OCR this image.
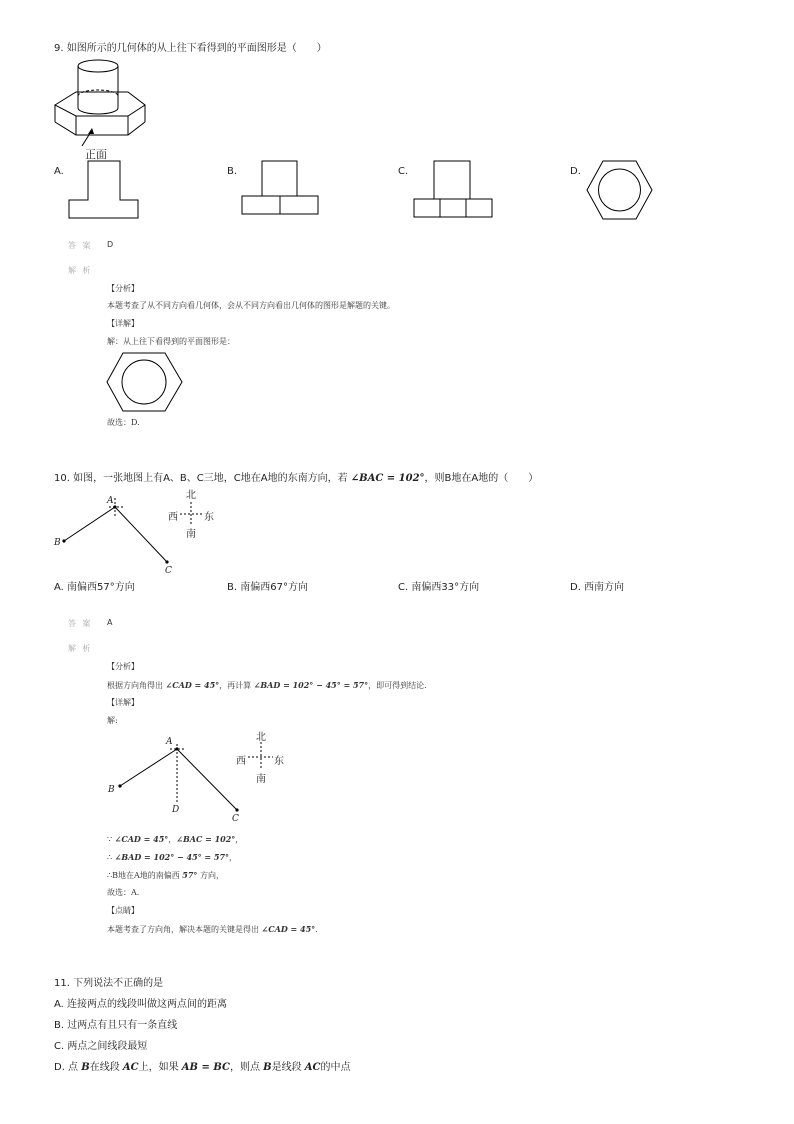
9. 如图所示的几何体的从上往下看得到的平面图形是（　　）
正面
A.	B.	C.	D.
答 案 D
解 析
【分析】
本题考查了从不同方向看几何体，会从不同方向看出几何体的图形是解题的关键。
【详解】
解：从上往下看得到的平面图形是：
故选：D.
10. 如图，一张地图上有A、B、C三地，C地在A地的东南方向，若 ∠BAC = 102°，则B地在A地的（　　）
A
B
C
北
南
西	东
A. 南偏西57°方向	B. 南偏西67°方向	C. 南偏西33°方向	D. 西南方向
答 案 A
解 析
【分析】
根据方向角得出 ∠CAD = 45°，再计算 ∠BAD = 102° − 45° = 57°，即可得到结论.
【详解】
解:
A
B
D
C
北
南
西	东
∵ ∠CAD = 45°，∠BAC = 102°，
∴ ∠BAD = 102° − 45° = 57°，
∴B地在A地的南偏西 57° 方向，
故选：A.
【点睛】
本题考查了方向角，解决本题的关键是得出 ∠CAD = 45°.
11. 下列说法不正确的是
A. 连接两点的线段叫做这两点间的距离
B. 过两点有且只有一条直线
C. 两点之间线段最短
D. 点 B在线段 AC上，如果 AB = BC，则点 B是线段 AC的中点
